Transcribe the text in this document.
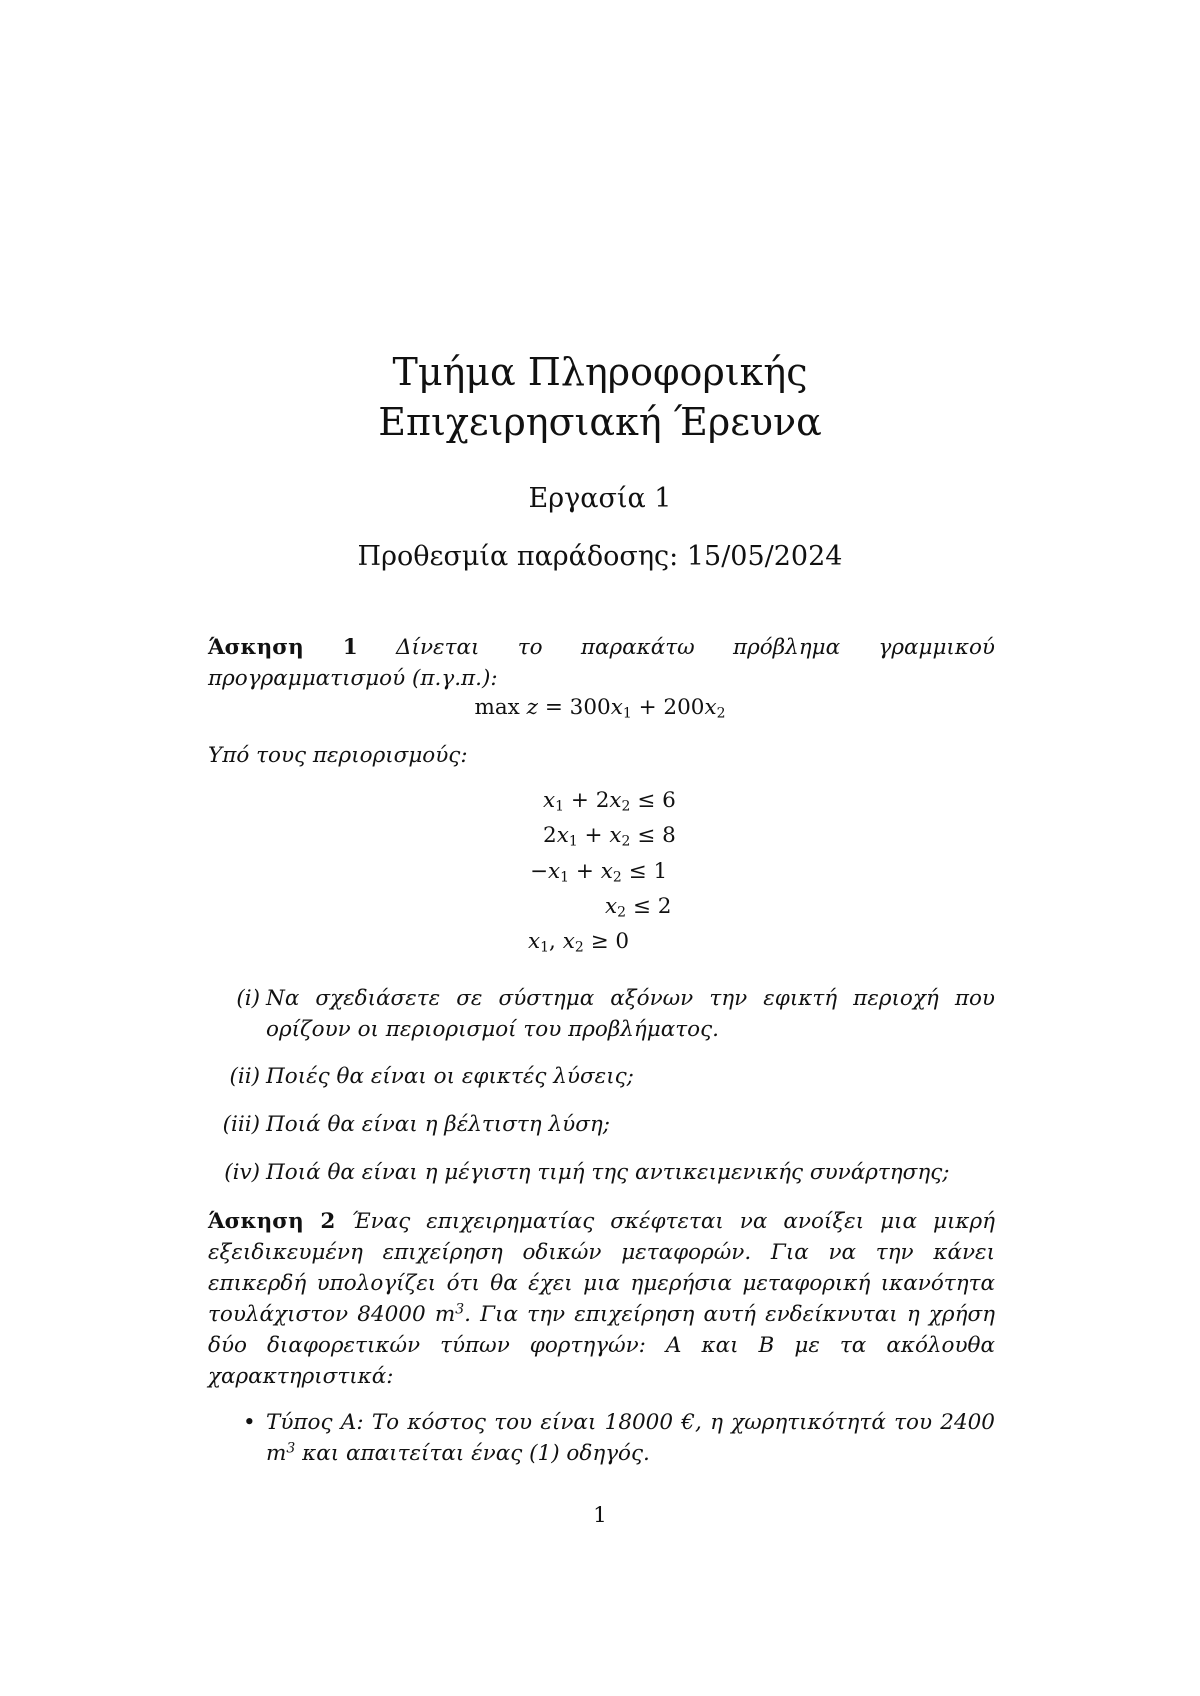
Τμήμα Πληροφορικής
Επιχειρησιακή Έρευνα
Εργασία 1
Προθεσμία παράδοσης: 15/05/2024
Άσκηση 1 Δίνεται το παρακάτω πρόβλημα γραμμικού προγραμματισμού (π.γ.π.):
$\max z = 300x_1 + 200x_2$
Υπό τους περιορισμούς:
$x_1 + 2x_2 \le 6$
$2x_1 + x_2 \le 8$
$-x_1 + x_2 \le 1$
$x_2 \le 2$
$x_1$, $x_2 \ge 0$
(i) Να σχεδιάσετε σε σύστημα αξόνων την εφικτή περιοχή που ορίζουν οι περιορισμοί του προβλήματος.
(ii) Ποιές θα είναι οι εφικτές λύσεις;
(iii) Ποιά θα είναι η βέλτιστη λύση;
(iv) Ποιά θα είναι η μέγιστη τιμή της αντικειμενικής συνάρτησης;
Άσκηση 2 Ένας επιχειρηματίας σκέφτεται να ανοίξει μια μικρή εξειδικευμένη επιχείρηση οδικών μεταφορών. Για να την κάνει επικερδή υπολογίζει ότι θα έχει μια ημερήσια μεταφορική ικανότητα τουλάχιστον 84000 $m^3$. Για την επιχείρηση αυτή ενδείκνυται η χρήση δύο διαφορετικών τύπων φορτηγών: A και B με τα ακόλουθα χαρακτηριστικά:
• Τύπος A: Το κόστος του είναι 18000 €, η χωρητικότητά του 2400 $m^3$ και απαιτείται ένας (1) οδηγός.
1
